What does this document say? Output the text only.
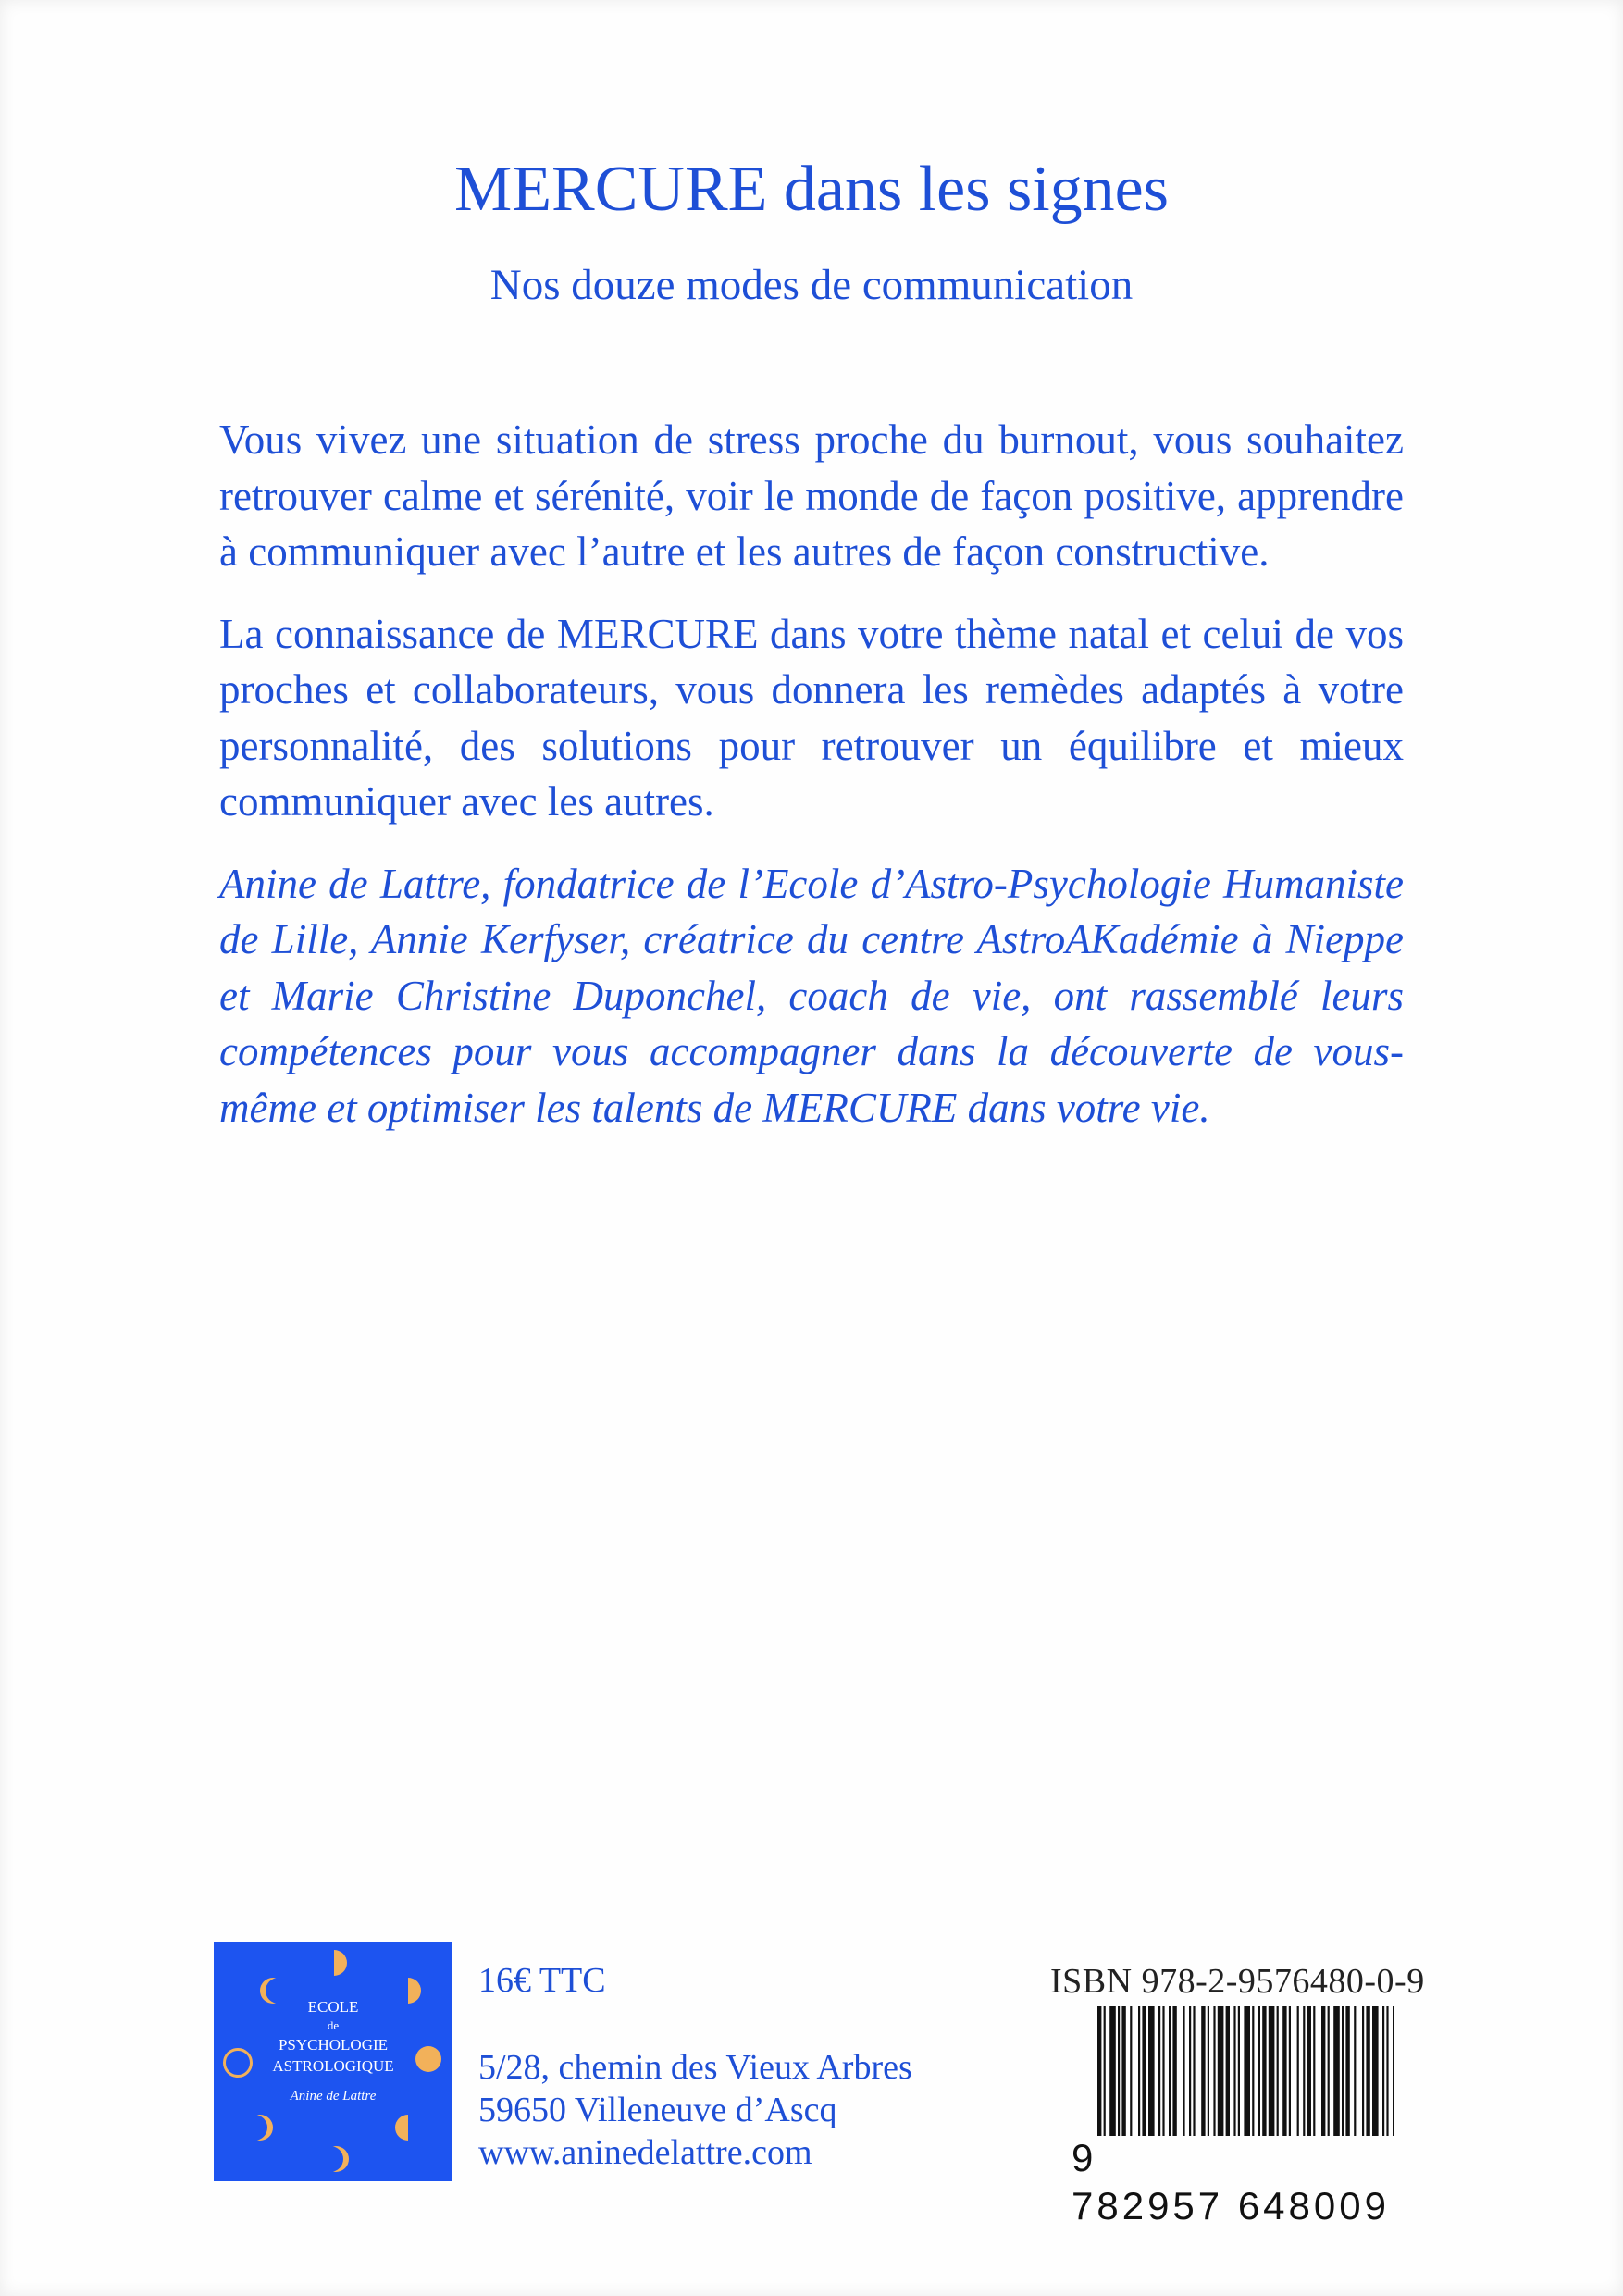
MERCURE dans les signes
Nos douze modes de communication

Vous vivez une situation de stress proche du burnout, vous souhaitez retrouver calme et sérénité, voir le monde de façon positive, apprendre à communiquer avec l’autre et les autres de façon constructive.

La connaissance de MERCURE dans votre thème natal et celui de vos proches et collaborateurs, vous donnera les remèdes adaptés à votre personnalité, des solutions pour retrouver un équilibre et mieux communiquer avec les autres.

Anine de Lattre, fondatrice de l’Ecole d’Astro-Psychologie Humaniste de Lille, Annie Kerfyser, créatrice du centre AstroAKadémie à Nieppe et Marie Christine Duponchel, coach de vie, ont rassemblé leurs compétences pour vous accompagner dans la découverte de vous-même et optimiser les talents de MERCURE dans votre vie.

ECOLE
de
PSYCHOLOGIE
ASTROLOGIQUE
Anine de Lattre
16€ TTC
5/28, chemin des Vieux Arbres
59650 Villeneuve d’Ascq
www.aninedelattre.com
ISBN 978-2-9576480-0-9
9782957 648009
